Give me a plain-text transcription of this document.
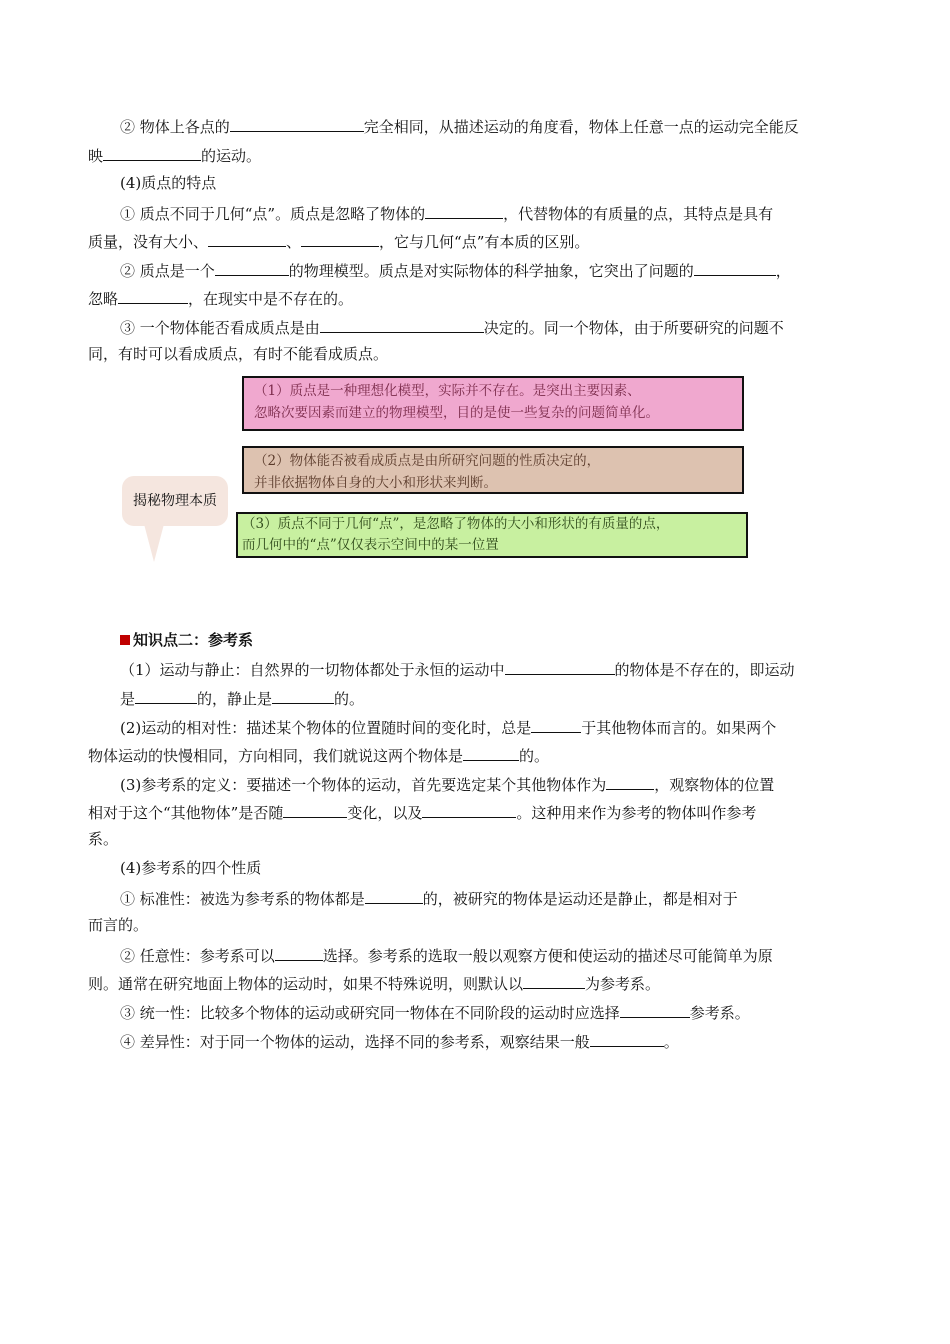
② 物体上各点的	完全相同，从描述运动的角度看，物体上任意一点的运动完全能反
映	的运动。
(4)质点的特点
① 质点不同于几何“点”。质点是忽略了物体的	，代替物体的有质量的点，其特点是具有
质量，没有大小、	、	，它与几何“点”有本质的区别。
② 质点是一个	的物理模型。质点是对实际物体的科学抽象，它突出了问题的	，
忽略	，在现实中是不存在的。
③ 一个物体能否看成质点是由	决定的。同一个物体，由于所要研究的问题不
同，有时可以看成质点，有时不能看成质点。
（1）质点是一种理想化模型，实际并不存在。是突出主要因素、
忽略次要因素而建立的物理模型，目的是使一些复杂的问题简单化。
（2）物体能否被看成质点是由所研究问题的性质决定的，
并非依据物体自身的大小和形状来判断。
揭秘物理本质
（3）质点不同于几何“点”，是忽略了物体的大小和形状的有质量的点，
而几何中的“点”仅仅表示空间中的某一位置
知识点二：参考系
（1）运动与静止：自然界的一切物体都处于永恒的运动中	的物体是不存在的，即运动
是	的，静止是	的。
(2)运动的相对性：描述某个物体的位置随时间的变化时，总是	于其他物体而言的。如果两个
物体运动的快慢相同，方向相同，我们就说这两个物体是	的。
(3)参考系的定义：要描述一个物体的运动，首先要选定某个其他物体作为	，观察物体的位置
相对于这个“其他物体”是否随	变化，以及	。这种用来作为参考的物体叫作参考
系。
(4)参考系的四个性质
① 标准性：被选为参考系的物体都是	的，被研究的物体是运动还是静止，都是相对于
而言的。
② 任意性：参考系可以	选择。参考系的选取一般以观察方便和使运动的描述尽可能简单为原
则。通常在研究地面上物体的运动时，如果不特殊说明，则默认以	为参考系。
③ 统一性：比较多个物体的运动或研究同一物体在不同阶段的运动时应选择	参考系。
④ 差异性：对于同一个物体的运动，选择不同的参考系，观察结果一般	。
